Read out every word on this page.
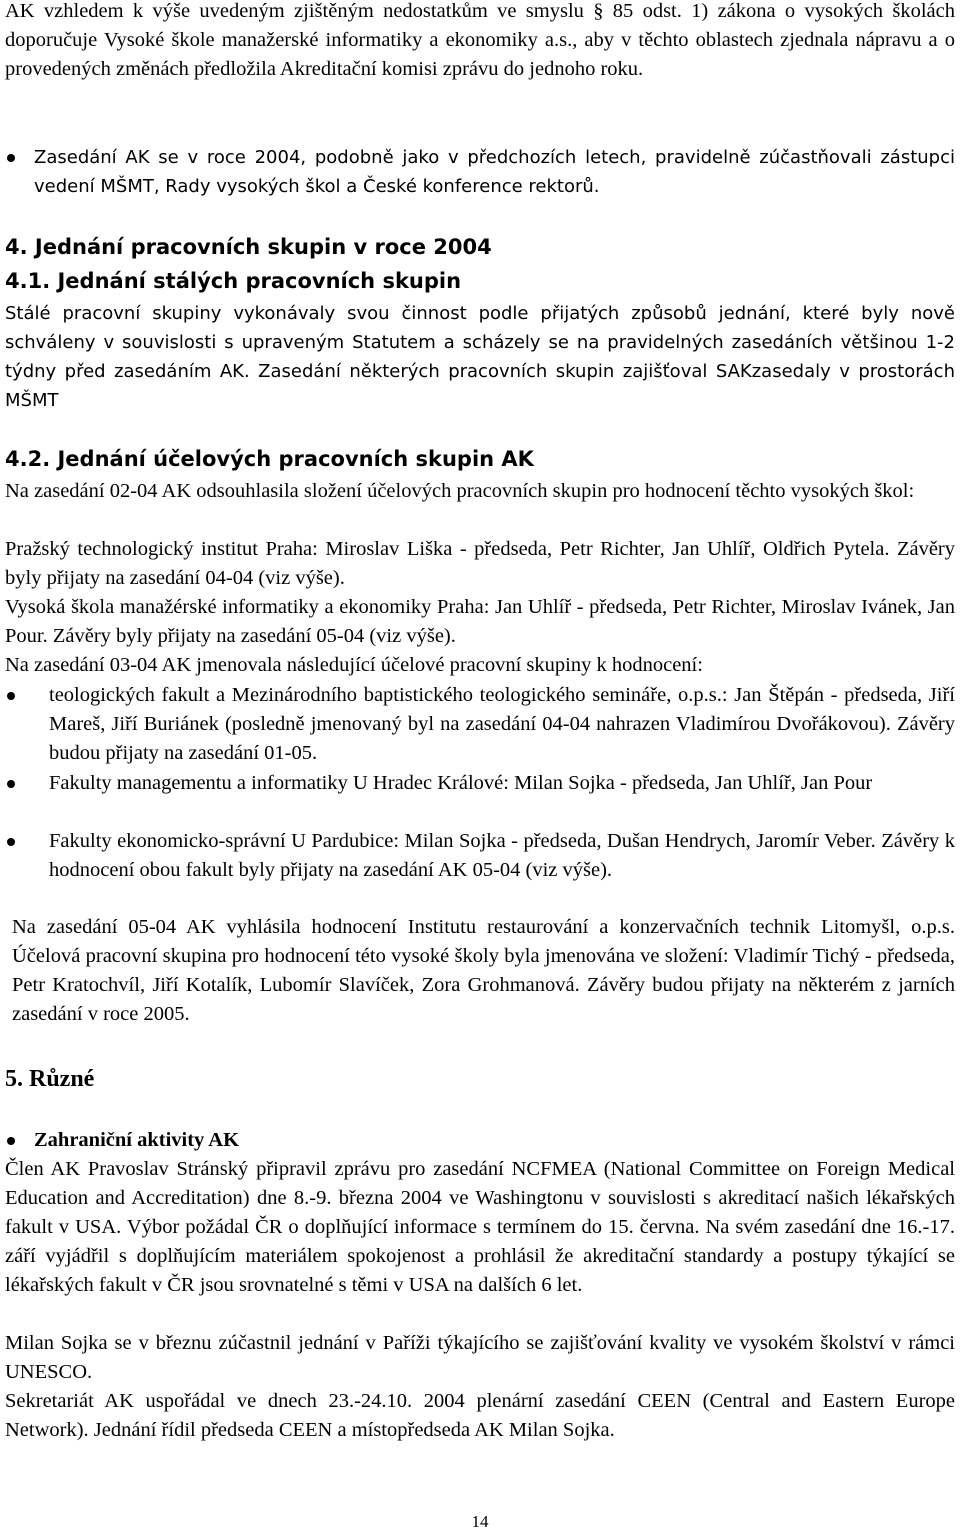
AK vzhledem k výše uvedeným zjištěným nedostatkům ve smyslu § 85 odst. 1) zákona o vysokých školách doporučuje Vysoké škole manažerské informatiky a ekonomiky a.s., aby v těchto oblastech zjednala nápravu a o provedených změnách předložila Akreditační komisi zprávu do jednoho roku.

Zasedání AK se v roce 2004, podobně jako v předchozích letech, pravidelně zúčastňovali zástupci vedení MŠMT, Rady vysokých škol a České konference rektorů.
4. Jednání pracovních skupin v roce 2004
4.1. Jednání stálých pracovních skupin

Stálé pracovní skupiny vykonávaly svou činnost podle přijatých způsobů jednání, které byly nově schváleny v souvislosti s upraveným Statutem a scházely se na pravidelných zasedáních většinou 1-2 týdny před zasedáním AK. Zasedání některých pracovních skupin zajišťoval SAKzasedaly v prostorách MŠMT

4.2. Jednání účelových pracovních skupin AK

Na zasedání 02-04 AK odsouhlasila složení účelových pracovních skupin pro hodnocení těchto vysokých škol:

Pražský technologický institut Praha: Miroslav Liška - předseda, Petr Richter, Jan Uhlíř, Oldřich Pytela. Závěry byly přijaty na zasedání 04-04 (viz výše).

Vysoká škola manažérské informatiky a ekonomiky Praha: Jan Uhlíř - předseda, Petr Richter, Miroslav Ivánek, Jan Pour. Závěry byly přijaty na zasedání 05-04 (viz výše).

Na zasedání 03-04 AK jmenovala následující účelové pracovní skupiny k hodnocení:

teologických fakult a Mezinárodního baptistického teologického semináře, o.p.s.: Jan Štěpán - předseda, Jiří Mareš, Jiří Buriánek (posledně jmenovaný byl na zasedání 04-04 nahrazen Vladimírou Dvořákovou). Závěry budou přijaty na zasedání 01-05.
Fakulty managementu a informatiky U Hradec Králové: Milan Sojka - předseda, Jan Uhlíř, Jan Pour
Fakulty ekonomicko-správní U Pardubice: Milan Sojka - předseda, Dušan Hendrych, Jaromír Veber. Závěry k hodnocení obou fakult byly přijaty na zasedání AK 05-04 (viz výše).

Na zasedání 05-04 AK vyhlásila hodnocení Institutu restaurování a konzervačních technik Litomyšl, o.p.s. Účelová pracovní skupina pro hodnocení této vysoké školy byla jmenována ve složení: Vladimír Tichý - předseda, Petr Kratochvíl, Jiří Kotalík, Lubomír Slavíček, Zora Grohmanová. Závěry budou přijaty na některém z jarních zasedání v roce 2005.

5. Různé
Zahraniční aktivity AK

Člen AK Pravoslav Stránský připravil zprávu pro zasedání NCFMEA (National Committee on Foreign Medical Education and Accreditation) dne 8.-9. března 2004 ve Washingtonu v souvislosti s akreditací našich lékařských fakult v USA. Výbor požádal ČR o doplňující informace s termínem do 15. června. Na svém zasedání dne 16.-17. září vyjádřil s doplňujícím materiálem spokojenost a prohlásil že akreditační standardy a postupy týkající se lékařských fakult v ČR jsou srovnatelné s těmi v USA na dalších 6 let.

Milan Sojka se v březnu zúčastnil jednání v Paříži týkajícího se zajišťování kvality ve vysokém školství v rámci UNESCO.

Sekretariát AK uspořádal ve dnech 23.-24.10. 2004 plenární zasedání CEEN (Central and Eastern Europe Network). Jednání řídil předseda CEEN a místopředseda AK Milan Sojka.

14
